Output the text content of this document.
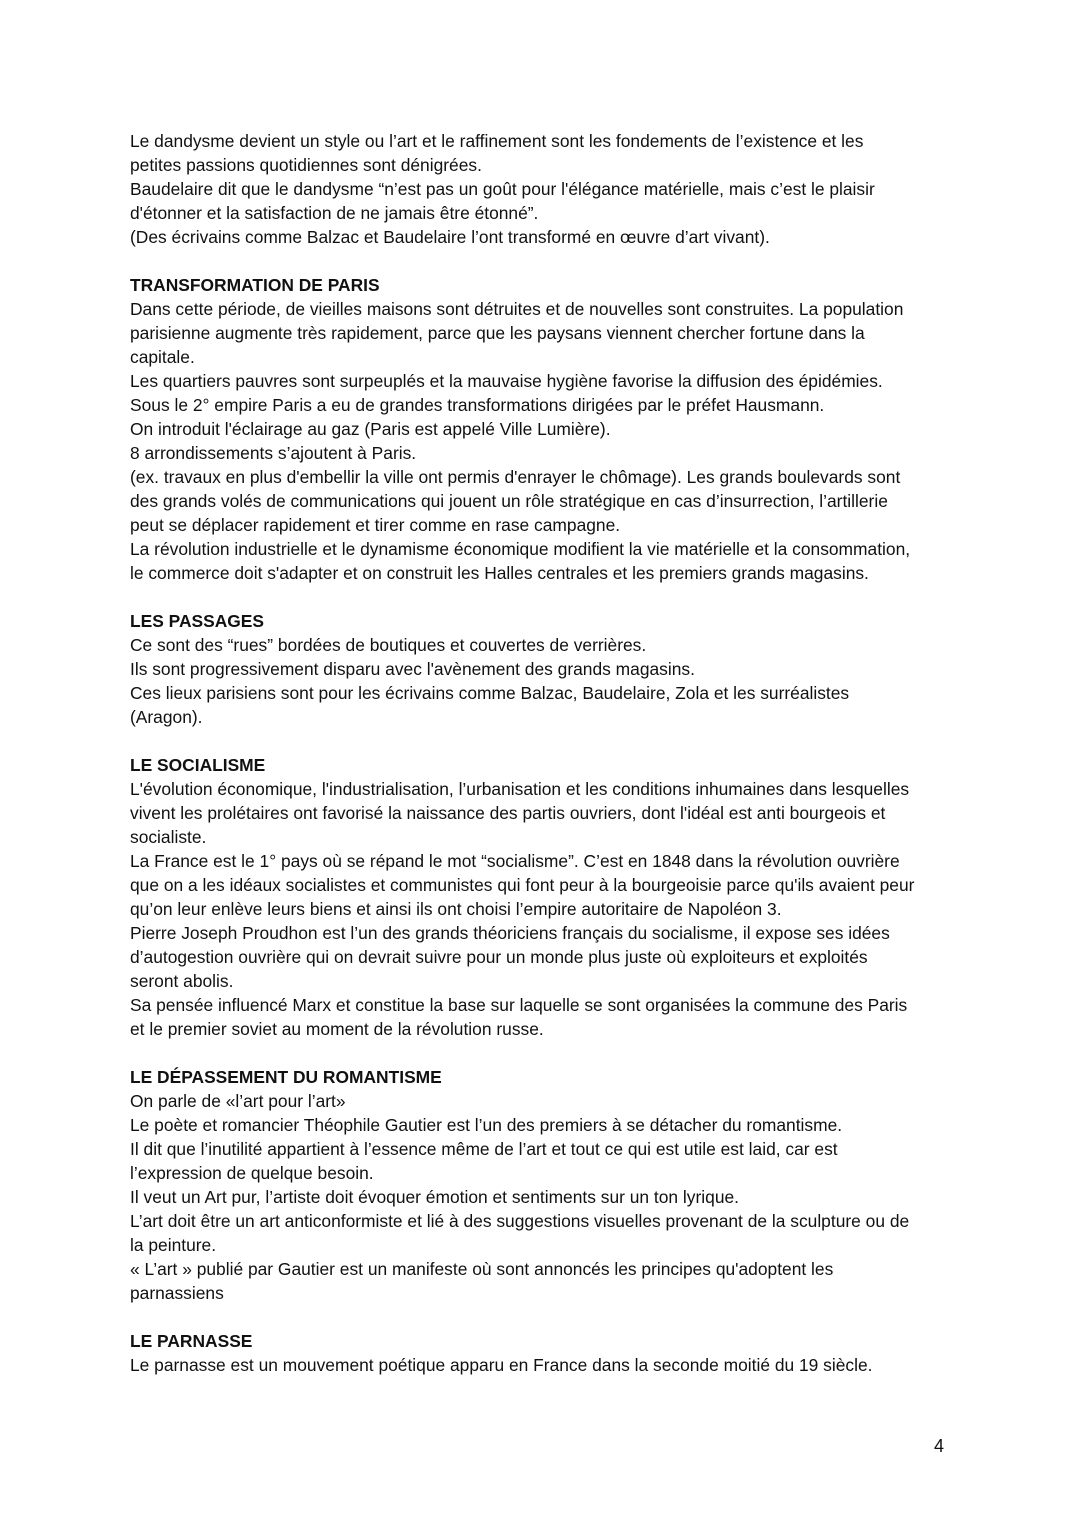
Le dandysme devient un style ou l’art et le raffinement sont les fondements de l’existence et les
petites passions quotidiennes sont dénigrées.
Baudelaire dit que le dandysme “n’est pas un goût pour l'élégance matérielle, mais c’est le plaisir
d'étonner et la satisfaction de ne jamais être étonné”.
(Des écrivains comme Balzac et Baudelaire l’ont transformé en œuvre d’art vivant).
TRANSFORMATION DE PARIS
Dans cette période, de vieilles maisons sont détruites et de nouvelles sont construites. La population
parisienne augmente très rapidement, parce que les paysans viennent chercher fortune dans la
capitale.
Les quartiers pauvres sont surpeuplés et la mauvaise hygiène favorise la diffusion des épidémies.
Sous le 2° empire Paris a eu de grandes transformations dirigées par le préfet Hausmann.
On introduit l'éclairage au gaz (Paris est appelé Ville Lumière).
8 arrondissements s’ajoutent à Paris.
(ex. travaux en plus d'embellir la ville ont permis d'enrayer le chômage). Les grands boulevards sont
des grands volés de communications qui jouent un rôle stratégique en cas d’insurrection, l’artillerie
peut se déplacer rapidement et tirer comme en rase campagne.
La révolution industrielle et le dynamisme économique modifient la vie matérielle et la consommation,
le commerce doit s'adapter et on construit les Halles centrales et les premiers grands magasins.
LES PASSAGES
Ce sont des “rues” bordées de boutiques et couvertes de verrières.
Ils sont progressivement disparu avec l'avènement des grands magasins.
Ces lieux parisiens sont pour les écrivains comme Balzac, Baudelaire, Zola et les surréalistes
(Aragon).
LE SOCIALISME
L'évolution économique, l'industrialisation, l’urbanisation et les conditions inhumaines dans lesquelles
vivent les prolétaires ont favorisé la naissance des partis ouvriers, dont l'idéal est anti bourgeois et
socialiste.
La France est le 1° pays où se répand le mot “socialisme”. C’est en 1848 dans la révolution ouvrière
que on a les idéaux socialistes et communistes qui font peur à la bourgeoisie parce qu'ils avaient peur
qu’on leur enlève leurs biens et ainsi ils ont choisi l’empire autoritaire de Napoléon 3.
Pierre Joseph Proudhon est l’un des grands théoriciens français du socialisme, il expose ses idées
d’autogestion ouvrière qui on devrait suivre pour un monde plus juste où exploiteurs et exploités
seront abolis.
Sa pensée influencé Marx et constitue la base sur laquelle se sont organisées la commune des Paris
et le premier soviet au moment de la révolution russe.
LE DÉPASSEMENT DU ROMANTISME
On parle de «l’art pour l’art»
Le poète et romancier Théophile Gautier est l’un des premiers à se détacher du romantisme.
Il dit que l’inutilité appartient à l’essence même de l’art et tout ce qui est utile est laid, car est
l’expression de quelque besoin.
Il veut un Art pur, l’artiste doit évoquer émotion et sentiments sur un ton lyrique.
L’art doit être un art anticonformiste et lié à des suggestions visuelles provenant de la sculpture ou de
la peinture.
« L’art » publié par Gautier est un manifeste où sont annoncés les principes qu'adoptent les
parnassiens
LE PARNASSE
Le parnasse est un mouvement poétique apparu en France dans la seconde moitié du 19 siècle.
4
